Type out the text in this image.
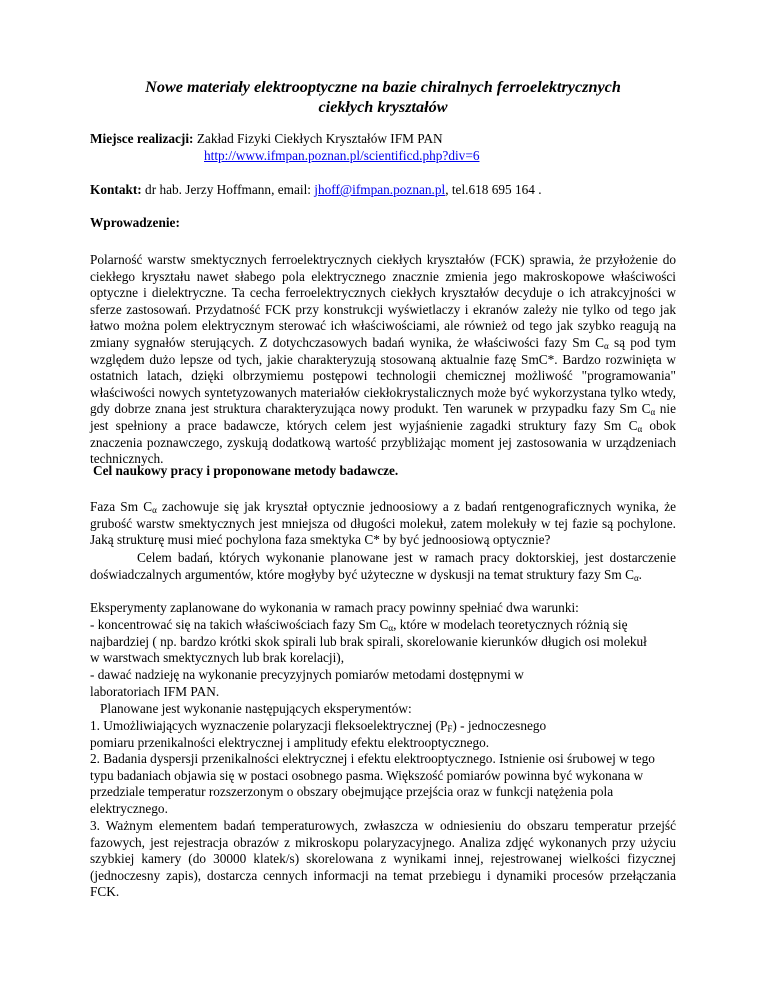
Nowe materiały elektrooptyczne na bazie chiralnych ferroelektrycznych
ciekłych kryształów
Miejsce realizacji: Zakład Fizyki Ciekłych Kryształów IFM PAN
http://www.ifmpan.poznan.pl/scientificd.php?div=6
Kontakt: dr hab. Jerzy Hoffmann, email: jhoff@ifmpan.poznan.pl, tel.618 695 164 .
Wprowadzenie:

Polarność warstw smektycznych ferroelektrycznych ciekłych kryształów (FCK) sprawia, że przyłożenie do ciekłego kryształu nawet słabego pola elektrycznego znacznie zmienia jego makroskopowe właściwości optyczne i dielektryczne. Ta cecha ferroelektrycznych ciekłych kryształów decyduje o ich atrakcyjności w sferze zastosowań. Przydatność FCK przy konstrukcji wyświetlaczy i ekranów zależy nie tylko od tego jak łatwo można polem elektrycznym sterować ich właściwościami, ale również od tego jak szybko reagują na zmiany sygnałów sterujących. Z dotychczasowych badań wynika, że właściwości fazy Sm $C_\alpha$ są pod tym względem dużo lepsze od tych, jakie charakteryzują stosowaną aktualnie fazę SmC*. Bardzo rozwinięta w ostatnich latach, dzięki olbrzymiemu postępowi technologii chemicznej możliwość "programowania" właściwości nowych syntetyzowanych materiałów ciekłokrystalicznych może być wykorzystana tylko wtedy, gdy dobrze znana jest struktura charakteryzująca nowy produkt. Ten warunek w przypadku fazy Sm $C_\alpha$ nie jest spełniony a prace badawcze, których celem jest wyjaśnienie zagadki struktury fazy Sm $C_\alpha$ obok znaczenia poznawczego, zyskują dodatkową wartość przybliżając moment jej zastosowania w urządzeniach technicznych.

Cel naukowy pracy i proponowane metody badawcze.

Faza Sm $C_\alpha$ zachowuje się jak kryształ optycznie jednoosiowy a z badań rentgenograficznych wynika, że grubość warstw smektycznych jest mniejsza od długości molekuł, zatem molekuły w tej fazie są pochylone. Jaką strukturę musi mieć pochylona faza smektyka C* by być jednoosiową optycznie?

Celem badań, których wykonanie planowane jest w ramach pracy doktorskiej, jest dostarczenie doświadczalnych argumentów, które mogłyby być użyteczne w dyskusji na temat struktury fazy Sm $C_\alpha$.

Eksperymenty zaplanowane do wykonania w ramach pracy powinny spełniać dwa warunki:
- koncentrować się na takich właściwościach fazy Sm $C_\alpha$, które w modelach teoretycznych różnią się najbardziej ( np. bardzo krótki skok spirali lub brak spirali, skorelowanie kierunków długich osi molekuł w warstwach smektycznych lub brak korelacji),
- dawać nadzieję na wykonanie precyzyjnych pomiarów metodami dostępnymi w laboratoriach IFM PAN.
Planowane jest wykonanie następujących eksperymentów:
1. Umożliwiających wyznaczenie polaryzacji fleksoelektrycznej $(P_F)$ - jednoczesnego pomiaru przenikalności elektrycznej i amplitudy efektu elektrooptycznego.
2. Badania dyspersji przenikalności elektrycznej i efektu elektrooptycznego. Istnienie osi śrubowej w tego typu badaniach objawia się w postaci osobnego pasma. Większość pomiarów powinna być wykonana w przedziale temperatur rozszerzonym o obszary obejmujące przejścia oraz w funkcji natężenia pola elektrycznego.

3. Ważnym elementem badań temperaturowych, zwłaszcza w odniesieniu do obszaru temperatur przejść fazowych, jest rejestracja obrazów z mikroskopu polaryzacyjnego. Analiza zdjęć wykonanych przy użyciu szybkiej kamery (do 30000 klatek/s) skorelowana z wynikami innej, rejestrowanej wielkości fizycznej (jednoczesny zapis), dostarcza cennych informacji na temat przebiegu i dynamiki procesów przełączania FCK.
